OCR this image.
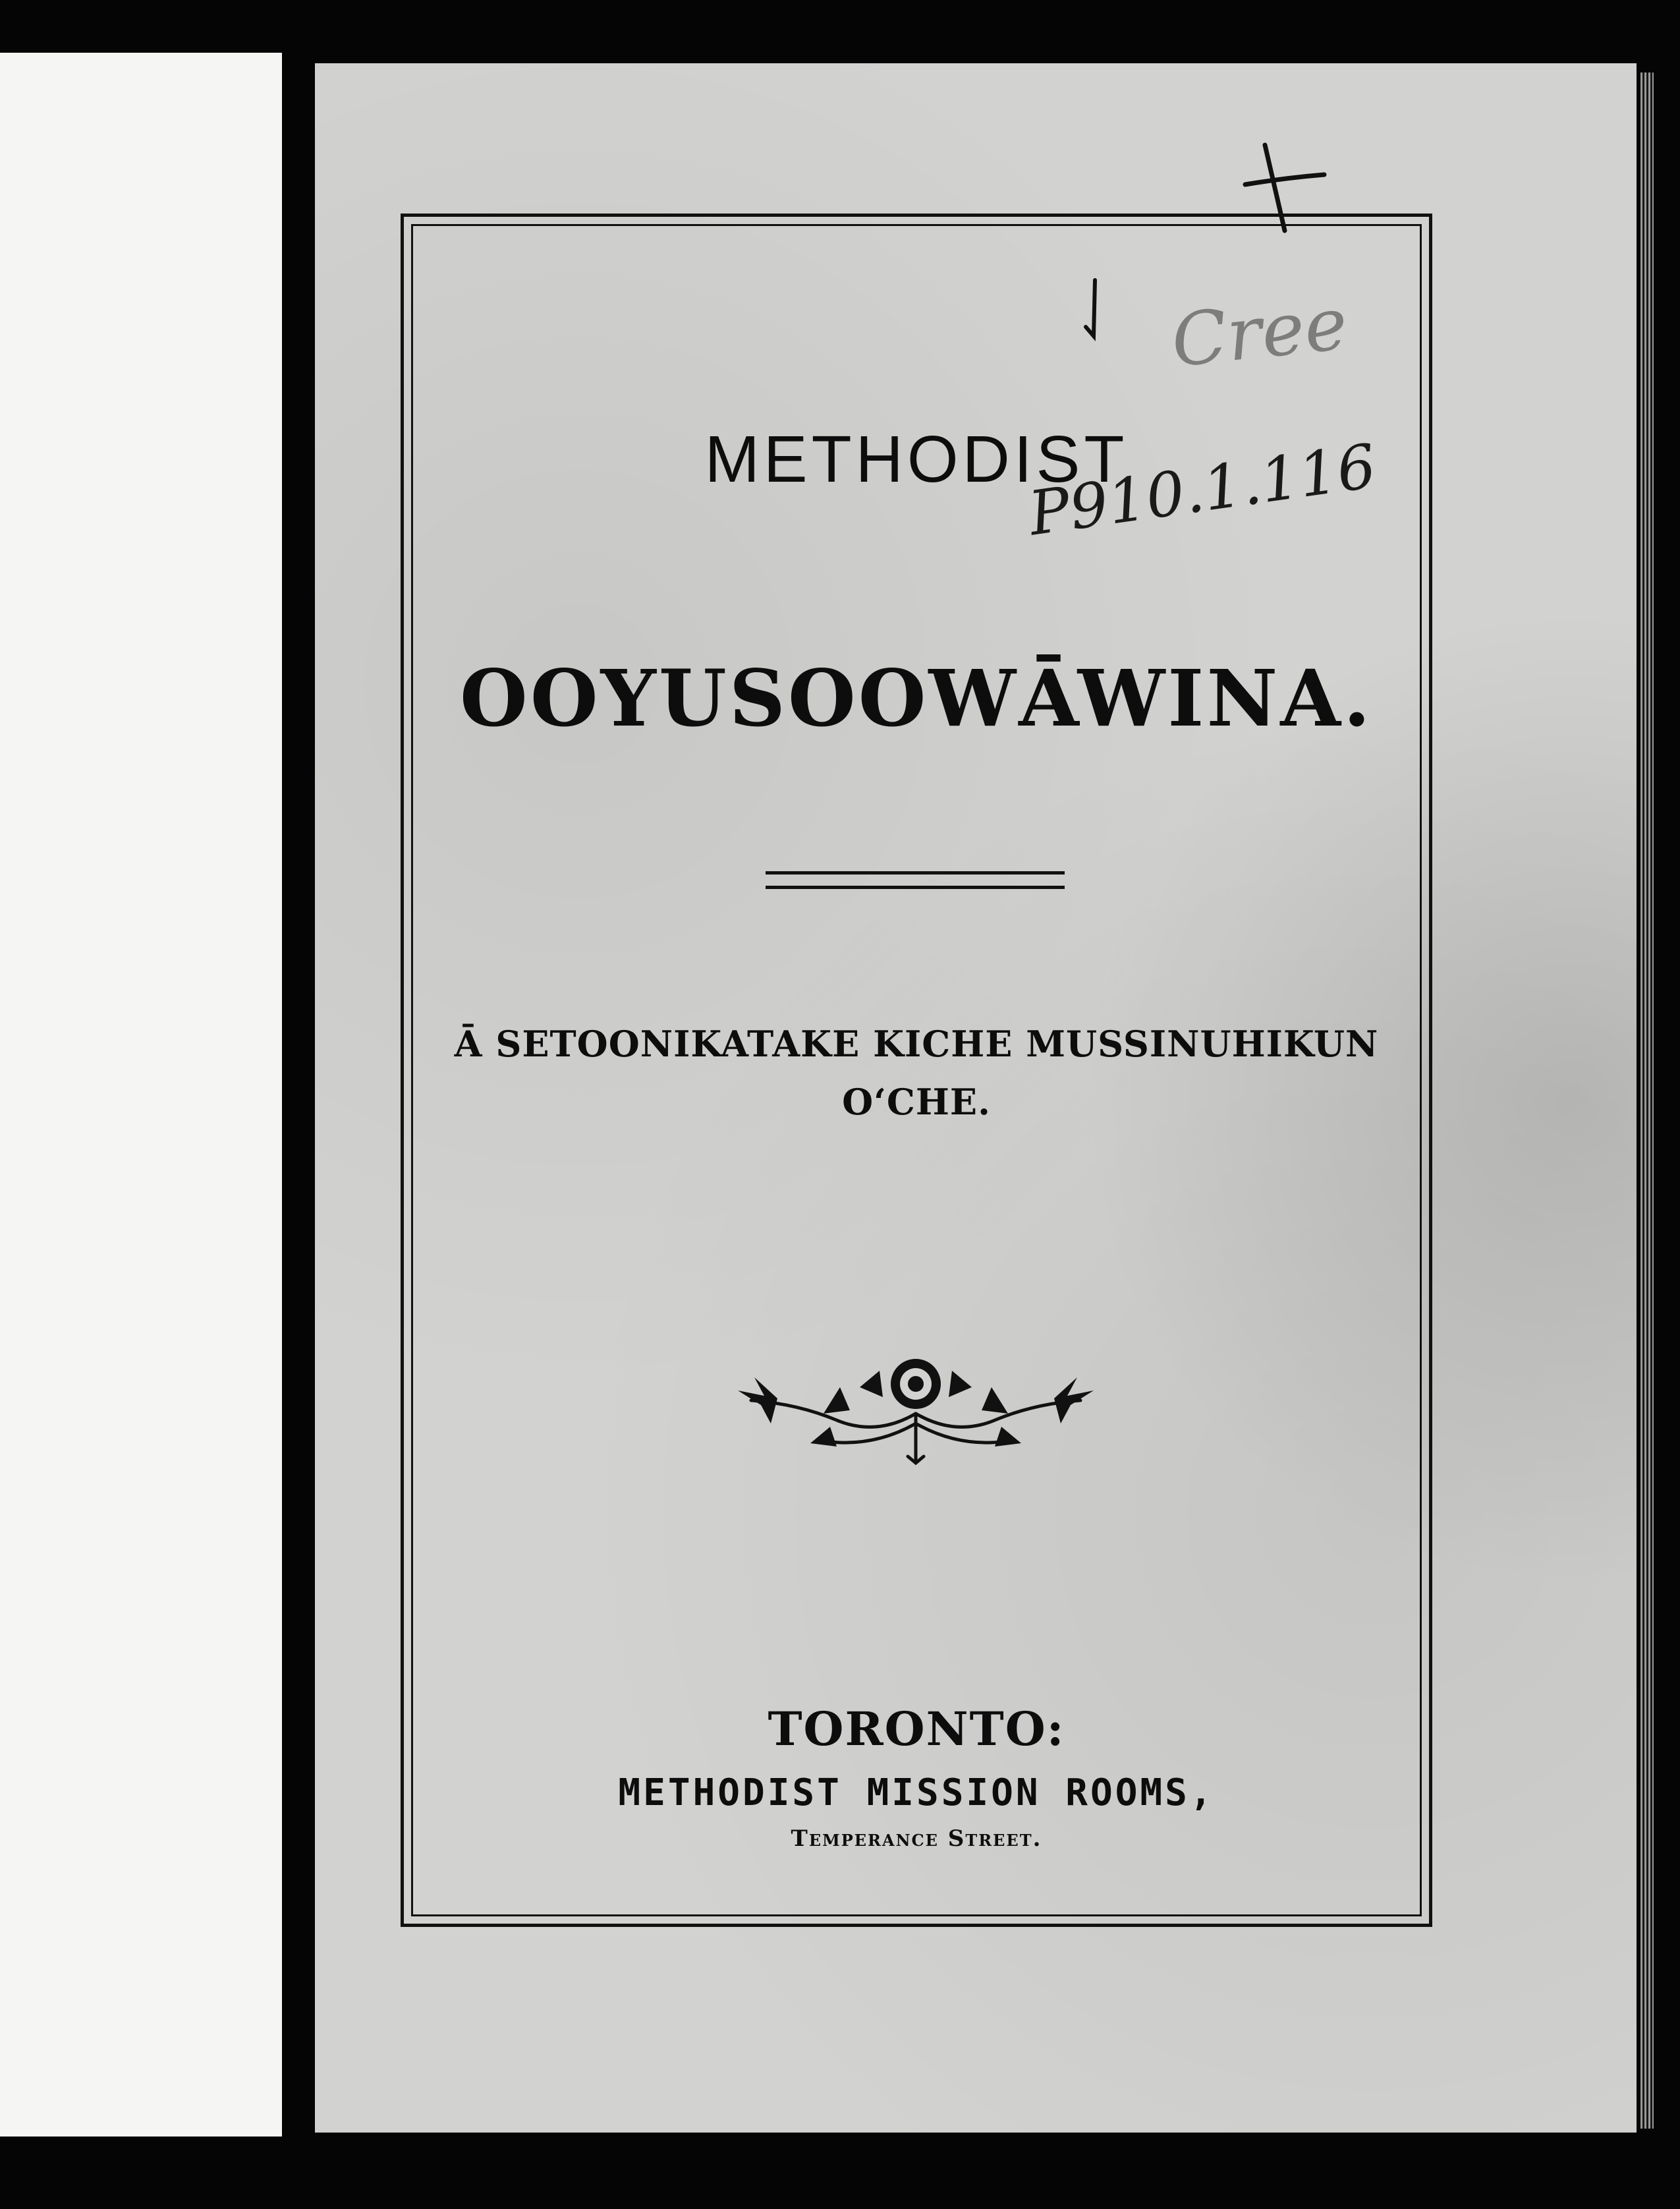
Cree
P910.1.116
METHODIST
OOYUSOOWĀWINA.
Ā SETOONIKATAKE KICHE MUSSINUHIKUN
O‘CHE.
TORONTO:
METHODIST MISSION ROOMS,
Temperance Street.
